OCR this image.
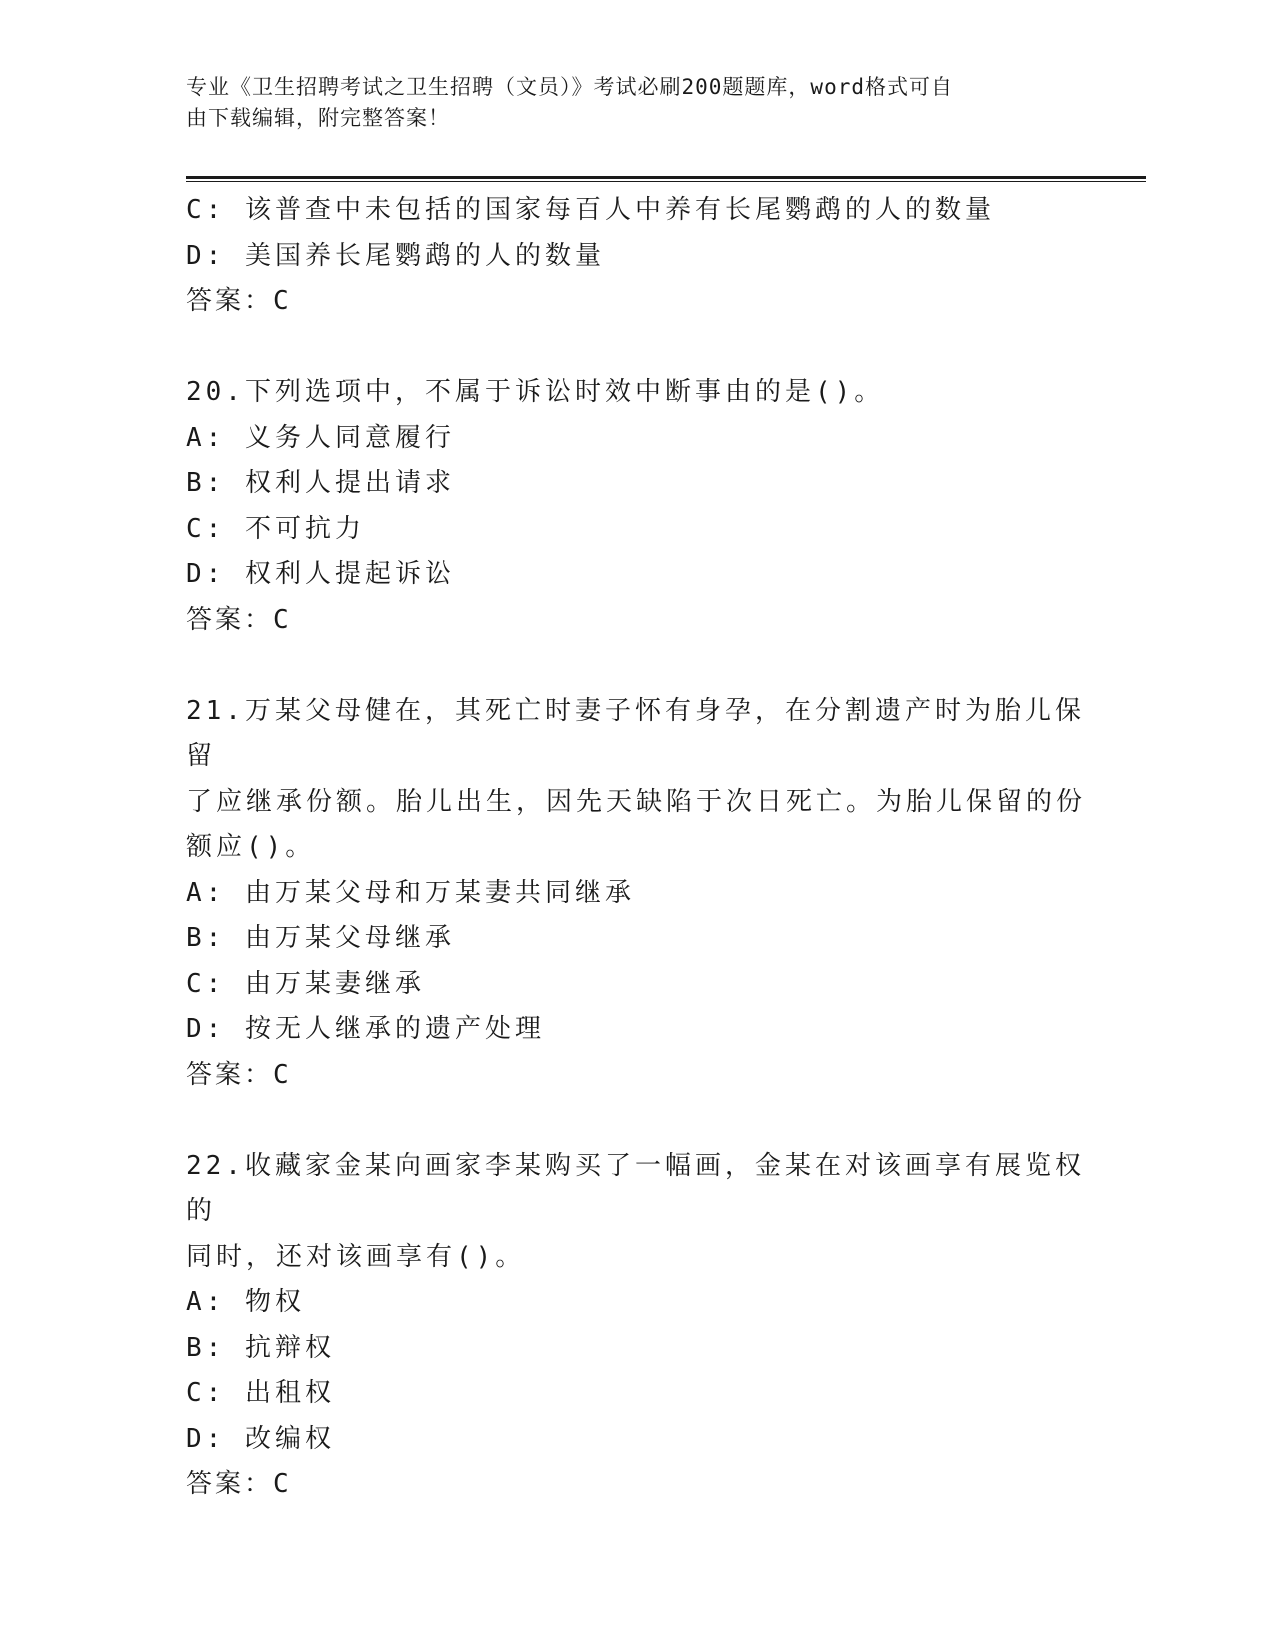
专业《卫生招聘考试之卫生招聘（文员）》考试必刷200题题库，word格式可自
由下载编辑，附完整答案！
C: 该普查中未包括的国家每百人中养有长尾鹦鹉的人的数量
D: 美国养长尾鹦鹉的人的数量
答案：C
20.下列选项中，不属于诉讼时效中断事由的是()。
A: 义务人同意履行
B: 权利人提出请求
C: 不可抗力
D: 权利人提起诉讼
答案：C
21.万某父母健在，其死亡时妻子怀有身孕，在分割遗产时为胎儿保留
了应继承份额。胎儿出生，因先天缺陷于次日死亡。为胎儿保留的份
额应()。
A: 由万某父母和万某妻共同继承
B: 由万某父母继承
C: 由万某妻继承
D: 按无人继承的遗产处理
答案：C
22.收藏家金某向画家李某购买了一幅画，金某在对该画享有展览权的
同时，还对该画享有()。
A: 物权
B: 抗辩权
C: 出租权
D: 改编权
答案：C
